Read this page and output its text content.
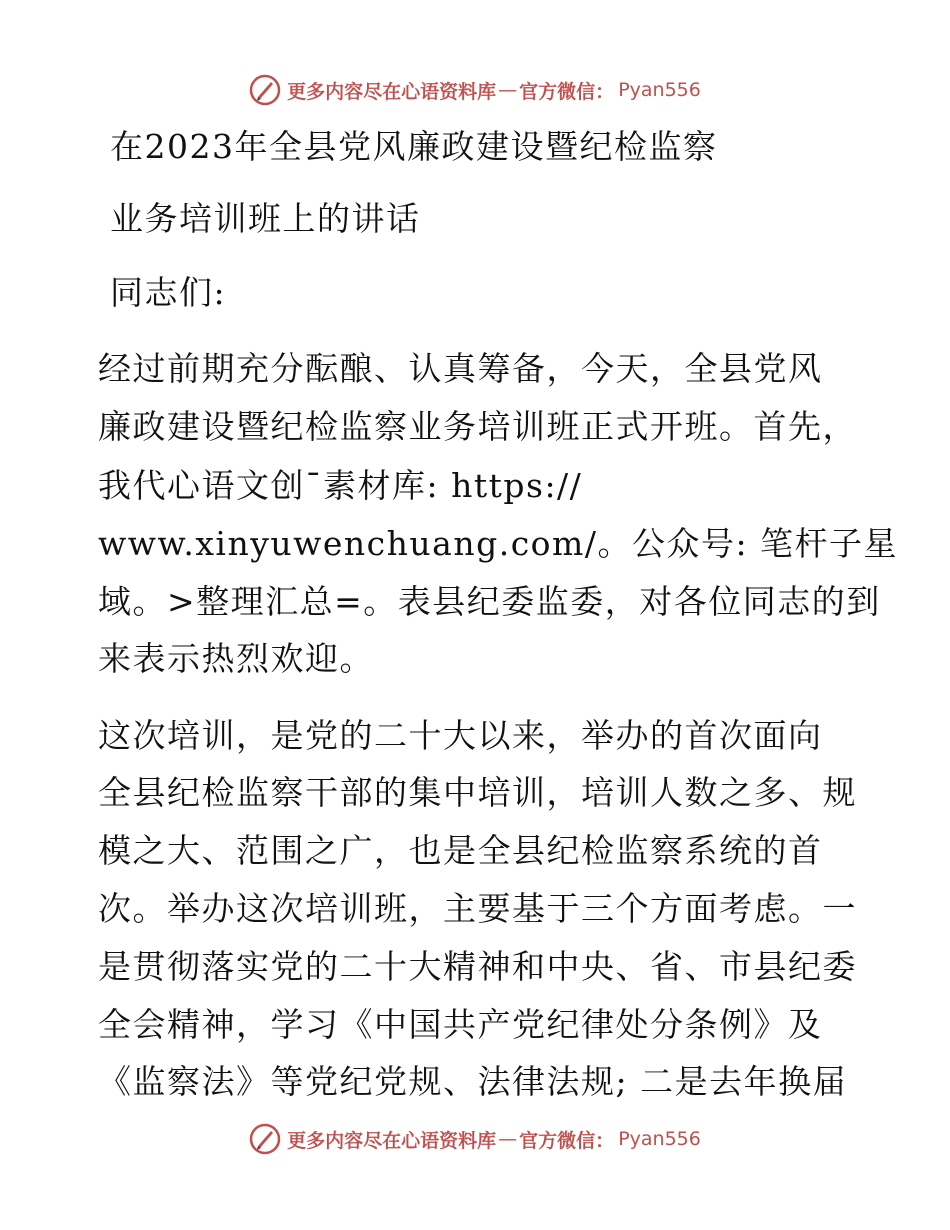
更多内容尽在心语资料库 — 官方微信： Pyan556
在2023年全县党风廉政建设暨纪检监察
业务培训班上的讲话
同志们:
经过前期充分酝酿、认真筹备，今天，全县党风
廉政建设暨纪检监察业务培训班正式开班。首先，
我代心语文创¯素材库: https://
www.xinyuwenchuang.com/。公众号: 笔杆子星
域。>整理汇总=。表县纪委监委，对各位同志的到
来表示热烈欢迎。
这次培训，是党的二十大以来，举办的首次面向
全县纪检监察干部的集中培训，培训人数之多、规
模之大、范围之广，也是全县纪检监察系统的首
次。举办这次培训班，主要基于三个方面考虑。一
是贯彻落实党的二十大精神和中央、省、市县纪委
全会精神，学习《中国共产党纪律处分条例》及
《监察法》等党纪党规、法律法规; 二是去年换届
更多内容尽在心语资料库 — 官方微信： Pyan556
